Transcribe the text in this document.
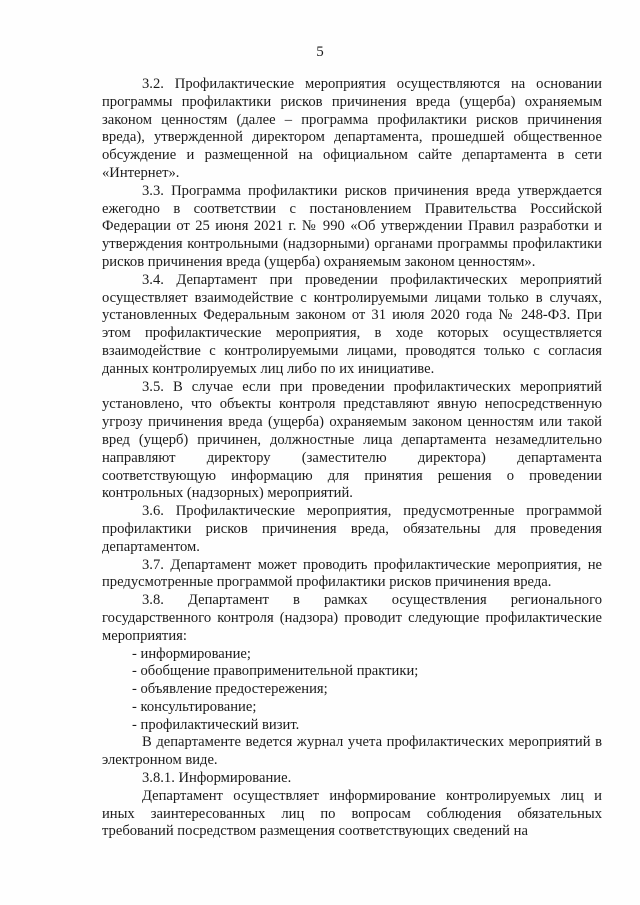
5

3.2. Профилактические мероприятия осуществляются на основании программы профилактики рисков причинения вреда (ущерба) охраняемым законом ценностям (далее – программа профилактики рисков причинения вреда), утвержденной директором департамента, прошедшей общественное обсуждение и размещенной на официальном сайте департамента в сети «Интернет».

3.3. Программа профилактики рисков причинения вреда утверждается ежегодно в соответствии с постановлением Правительства Российской Федерации от 25 июня 2021 г. № 990 «Об утверждении Правил разработки и утверждения контрольными (надзорными) органами программы профилактики рисков причинения вреда (ущерба) охраняемым законом ценностям».

3.4. Департамент при проведении профилактических мероприятий осуществляет взаимодействие с контролируемыми лицами только в случаях, установленных Федеральным законом от 31 июля 2020 года № 248-ФЗ. При этом профилактические мероприятия, в ходе которых осуществляется взаимодействие с контролируемыми лицами, проводятся только с согласия данных контролируемых лиц либо по их инициативе.

3.5. В случае если при проведении профилактических мероприятий установлено, что объекты контроля представляют явную непосредственную угрозу причинения вреда (ущерба) охраняемым законом ценностям или такой вред (ущерб) причинен, должностные лица департамента незамедлительно направляют директору (заместителю директора) департамента соответствующую информацию для принятия решения о проведении контрольных (надзорных) мероприятий.

3.6. Профилактические мероприятия, предусмотренные программой профилактики рисков причинения вреда, обязательны для проведения департаментом.

3.7. Департамент может проводить профилактические мероприятия, не предусмотренные программой профилактики рисков причинения вреда.

3.8. Департамент в рамках осуществления регионального государственного контроля (надзора) проводит следующие профилактические мероприятия:

- информирование;
- обобщение правоприменительной практики;
- объявление предостережения;
- консультирование;
- профилактический визит.

В департаменте ведется журнал учета профилактических мероприятий в электронном виде.

3.8.1. Информирование.

Департамент осуществляет информирование контролируемых лиц и иных заинтересованных лиц по вопросам соблюдения обязательных требований посредством размещения соответствующих сведений на
